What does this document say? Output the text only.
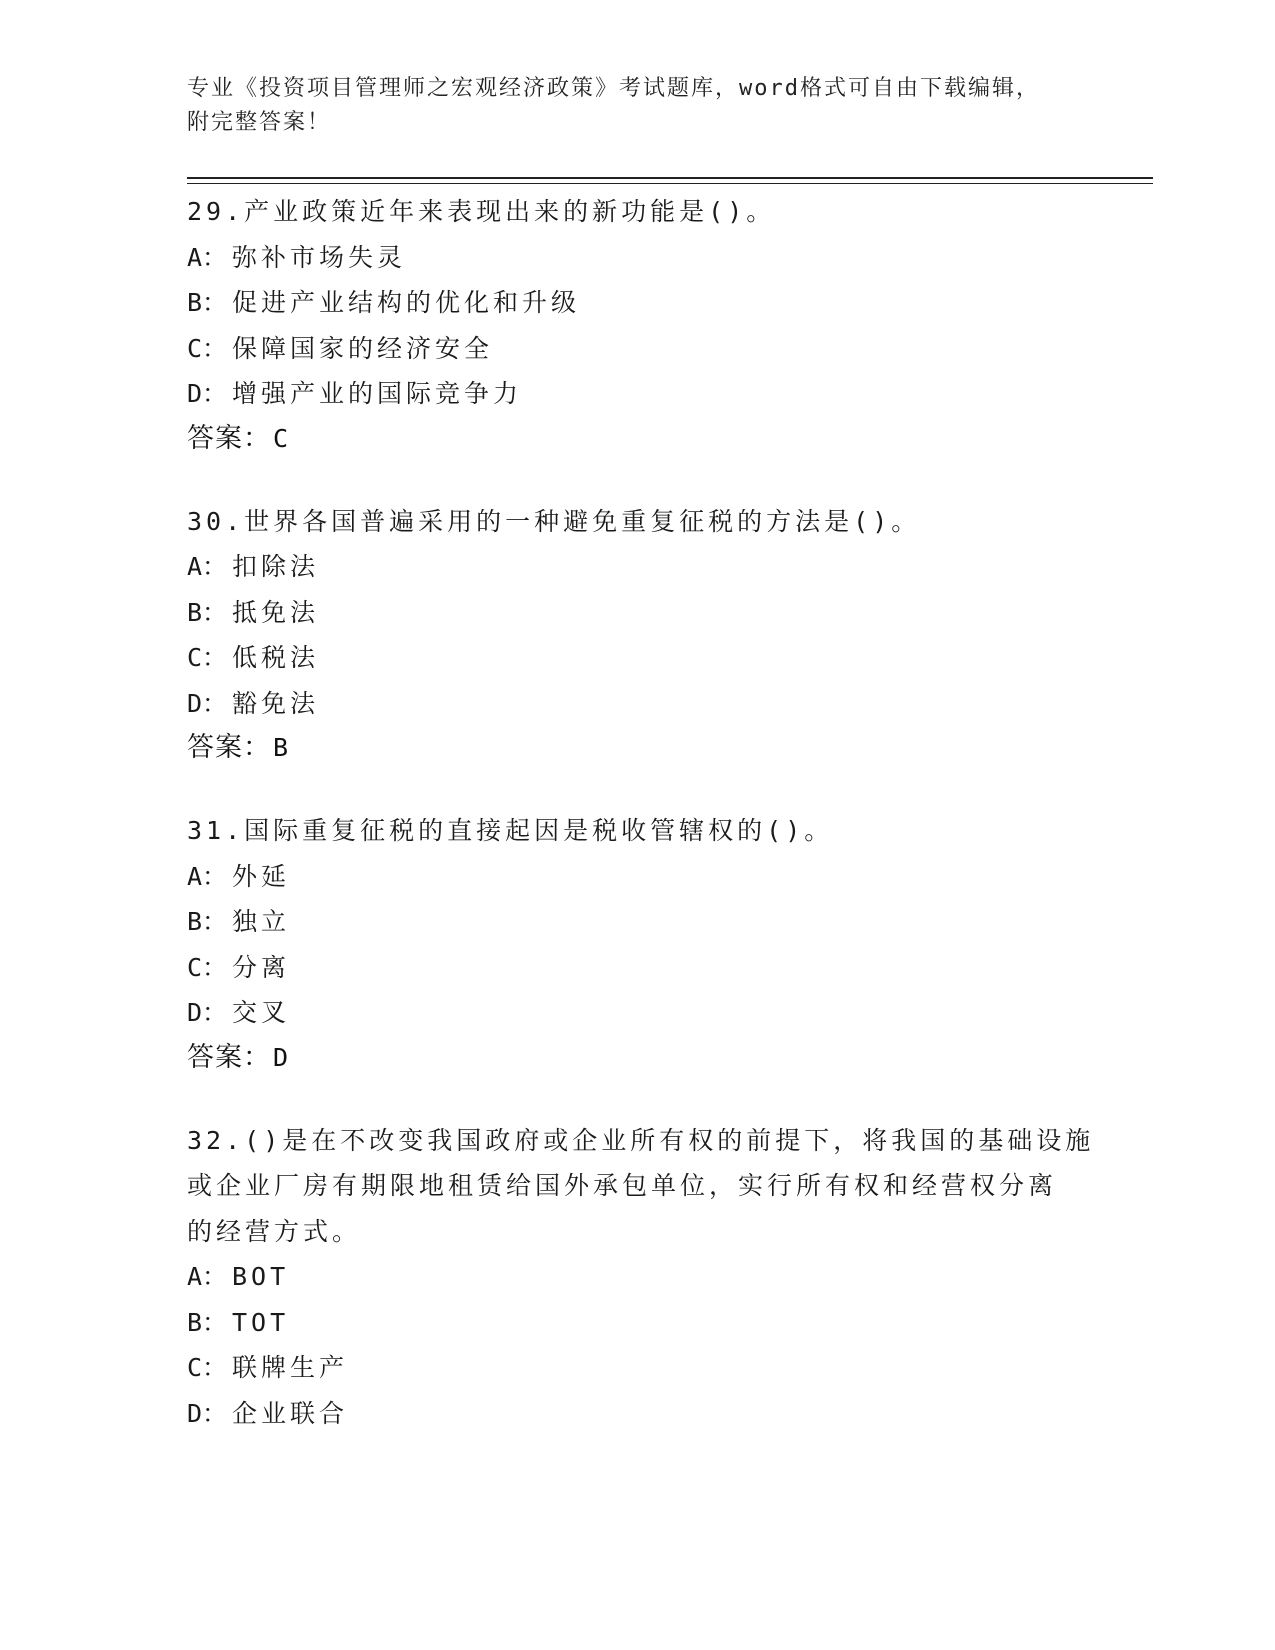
专业《投资项目管理师之宏观经济政策》考试题库，word格式可自由下载编辑，
附完整答案！
29.产业政策近年来表现出来的新功能是()。
A： 弥补市场失灵
B： 促进产业结构的优化和升级
C： 保障国家的经济安全
D： 增强产业的国际竞争力
答案：C
30.世界各国普遍采用的一种避免重复征税的方法是()。
A： 扣除法
B： 抵免法
C： 低税法
D： 豁免法
答案：B
31.国际重复征税的直接起因是税收管辖权的()。
A： 外延
B： 独立
C： 分离
D： 交叉
答案：D
32.()是在不改变我国政府或企业所有权的前提下，将我国的基础设施
或企业厂房有期限地租赁给国外承包单位，实行所有权和经营权分离
的经营方式。
A： BOT
B： TOT
C： 联牌生产
D： 企业联合
